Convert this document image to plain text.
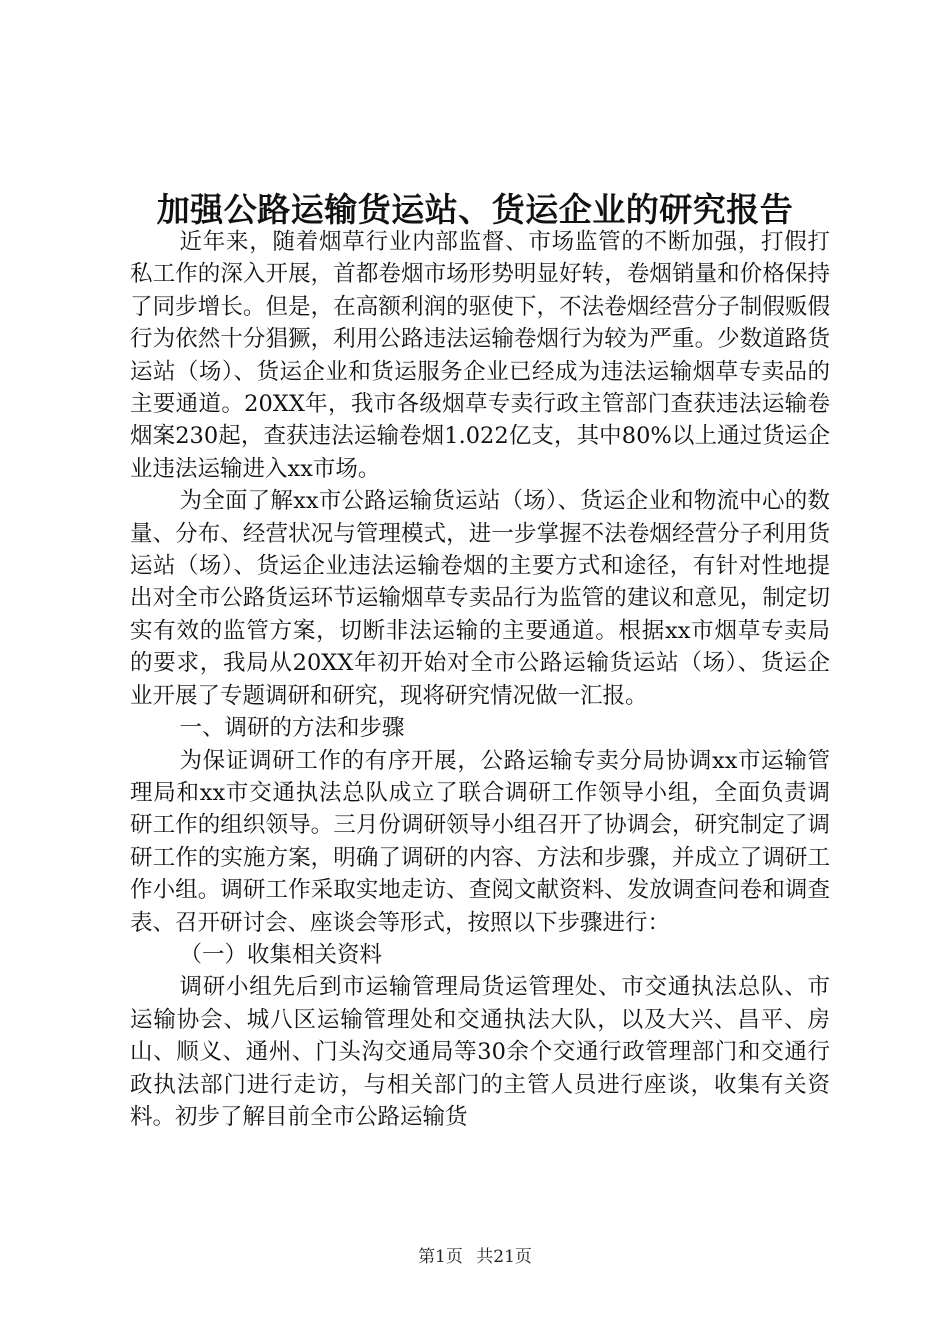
加强公路运输货运站、货运企业的研究报告

近年来，随着烟草行业内部监督、市场监管的不断加强，打假打私工作的深入开展，首都卷烟市场形势明显好转，卷烟销量和价格保持了同步增长。但是，在高额利润的驱使下，不法卷烟经营分子制假贩假行为依然十分猖獗，利用公路违法运输卷烟行为较为严重。少数道路货运站（场）、货运企业和货运服务企业已经成为违法运输烟草专卖品的主要通道。20XX年，我市各级烟草专卖行政主管部门查获违法运输卷烟案230起，查获违法运输卷烟1.022亿支，其中80%以上通过货运企业违法运输进入xx市场。

为全面了解xx市公路运输货运站（场）、货运企业和物流中心的数量、分布、经营状况与管理模式，进一步掌握不法卷烟经营分子利用货运站（场）、货运企业违法运输卷烟的主要方式和途径，有针对性地提出对全市公路货运环节运输烟草专卖品行为监管的建议和意见，制定切实有效的监管方案，切断非法运输的主要通道。根据xx市烟草专卖局的要求，我局从20XX年初开始对全市公路运输货运站（场）、货运企业开展了专题调研和研究，现将研究情况做一汇报。

一、调研的方法和步骤

为保证调研工作的有序开展，公路运输专卖分局协调xx市运输管理局和xx市交通执法总队成立了联合调研工作领导小组，全面负责调研工作的组织领导。三月份调研领导小组召开了协调会，研究制定了调研工作的实施方案，明确了调研的内容、方法和步骤，并成立了调研工作小组。调研工作采取实地走访、查阅文献资料、发放调查问卷和调查表、召开研讨会、座谈会等形式，按照以下步骤进行：

（一）收集相关资料

调研小组先后到市运输管理局货运管理处、市交通执法总队、市运输协会、城八区运输管理处和交通执法大队，以及大兴、昌平、房山、顺义、通州、门头沟交通局等30余个交通行政管理部门和交通行政执法部门进行走访，与相关部门的主管人员进行座谈，收集有关资料。初步了解目前全市公路运输货

第1页 共21页
